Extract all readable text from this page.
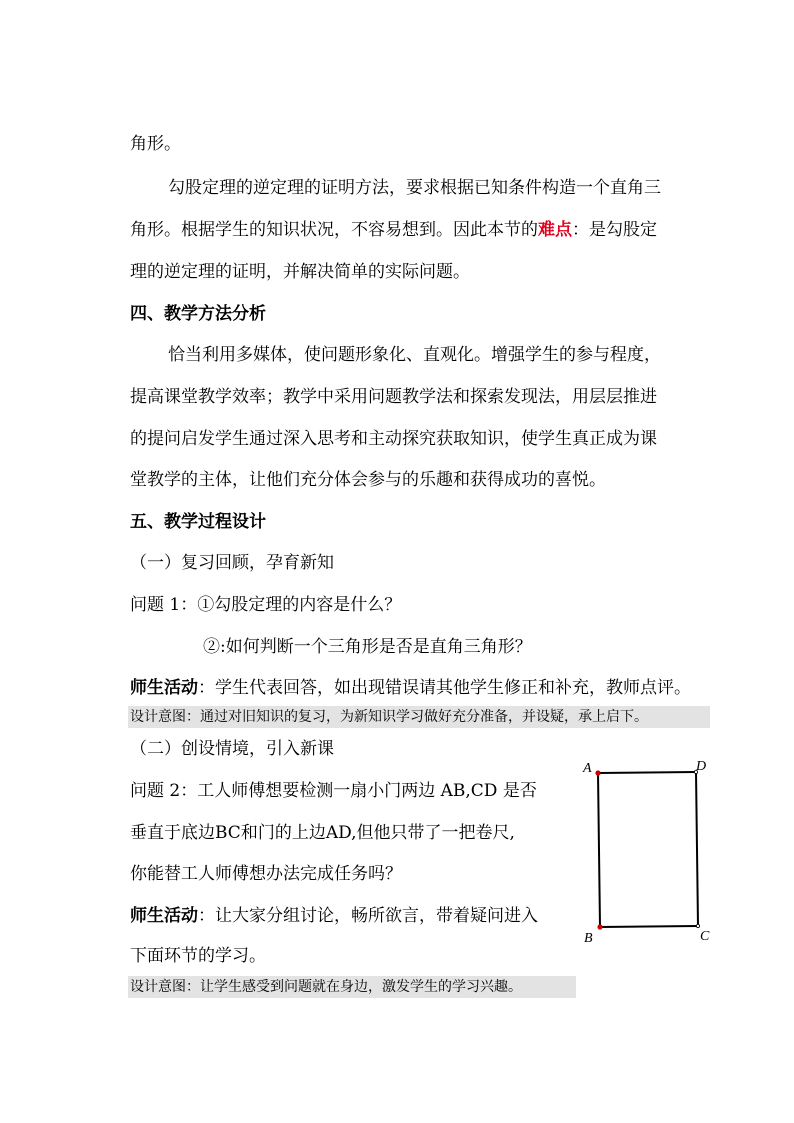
角形。
勾股定理的逆定理的证明方法，要求根据已知条件构造一个直角三
角形。根据学生的知识状况，不容易想到。因此本节的难点：是勾股定
理的逆定理的证明，并解决简单的实际问题。
四、教学方法分析
恰当利用多媒体，使问题形象化、直观化。增强学生的参与程度，
提高课堂教学效率；教学中采用问题教学法和探索发现法，用层层推进
的提问启发学生通过深入思考和主动探究获取知识，使学生真正成为课
堂教学的主体，让他们充分体会参与的乐趣和获得成功的喜悦。
五、教学过程设计
（一）复习回顾，孕育新知
问题 1：①勾股定理的内容是什么？
②:如何判断一个三角形是否是直角三角形？
师生活动：学生代表回答，如出现错误请其他学生修正和补充，教师点评。
设计意图：通过对旧知识的复习，为新知识学习做好充分准备，并设疑，承上启下。
（二）创设情境，引入新课
问题 2：工人师傅想要检测一扇小门两边 AB,CD 是否
垂直于底边BC和门的上边AD,但他只带了一把卷尺,
你能替工人师傅想办法完成任务吗？
师生活动：让大家分组讨论，畅所欲言，带着疑问进入
下面环节的学习。
设计意图：让学生感受到问题就在身边，激发学生的学习兴趣。
A
B	C
D
